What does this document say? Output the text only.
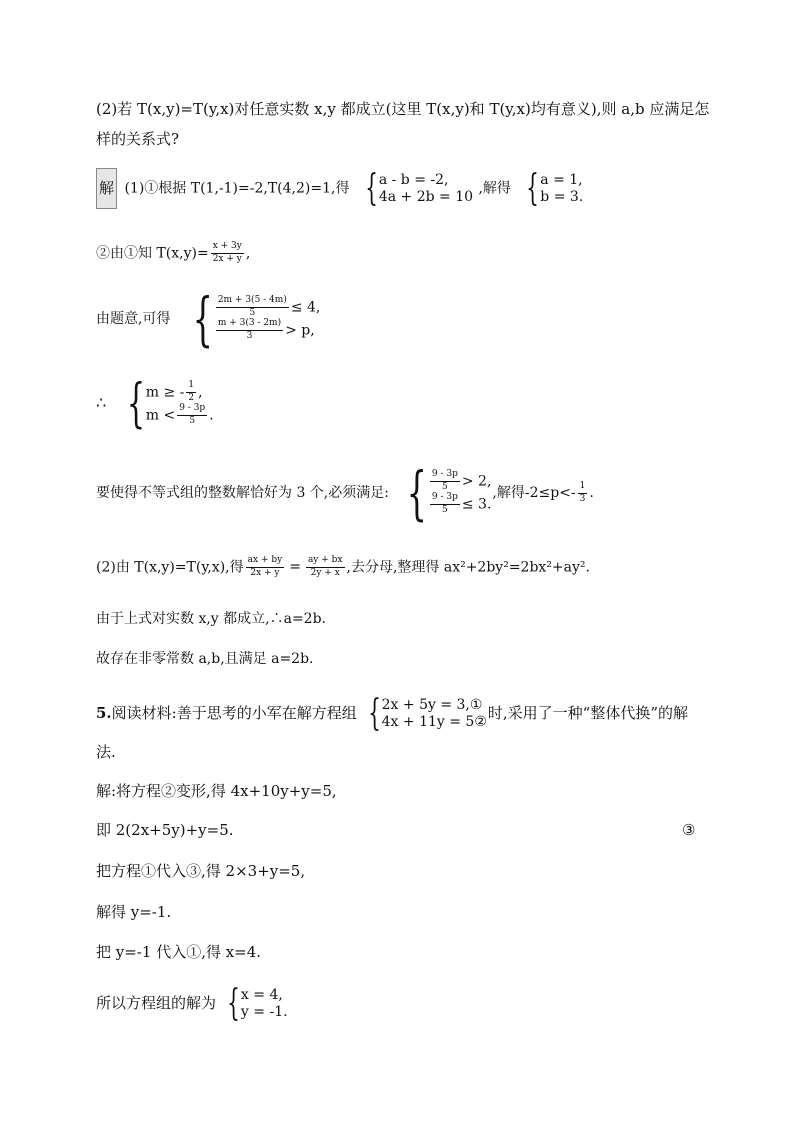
(2)若 T(x,y)=T(y,x)对任意实数 x,y 都成立(这里 T(x,y)和 T(y,x)均有意义),则 a,b 应满足怎
样的关系式?
解 (1)①根据 T(1,-1)=-2,T(4,2)=1,得 { a - b = -2,
4a + 2b = 10 ,解得 { a = 1,
b = 3.
②由①知 $T(x,y)= \frac{x + 3y}{2x + y}$ ,
由题意,可得 { $\frac{2m + 3(5 - 4m)}{5} \le 4$,
$\frac{m + 3(3 - 2m)}{3} > p$,
∴ { m ≥ - $\frac{1}{2}$ ,
$m < \frac{9 - 3p}{5}$ .
要使得不等式组的整数解恰好为 3 个,必须满足: { $\frac{9 - 3p}{5} > 2$,
$\frac{9 - 3p}{5} \le 3$.
,解得$-2\le p<- \frac{1}{3}$ .
(2)由 T(x,y)=T(y,x),得 $\frac{ax + by}{2x + y} = \frac{ay + bx}{2y + x}$ ,去分母,整理得 ax²+2by²=2bx²+ay².
由于上式对实数 x,y 都成立,∴a=2b.
故存在非零常数 a,b,且满足 a=2b.
5.阅读材料:善于思考的小军在解方程组 { 2x + 5y = 3,①
4x + 11y = 5② 时,采用了一种“整体代换”的解
法.
解:将方程②变形,得 4x+10y+y=5,
即 2(2x+5y)+y=5.	③
把方程①代入③,得 2×3+y=5,
解得 y=-1.
把 y=-1 代入①,得 x=4.
所以方程组的解为 { x = 4,
y = -1.
